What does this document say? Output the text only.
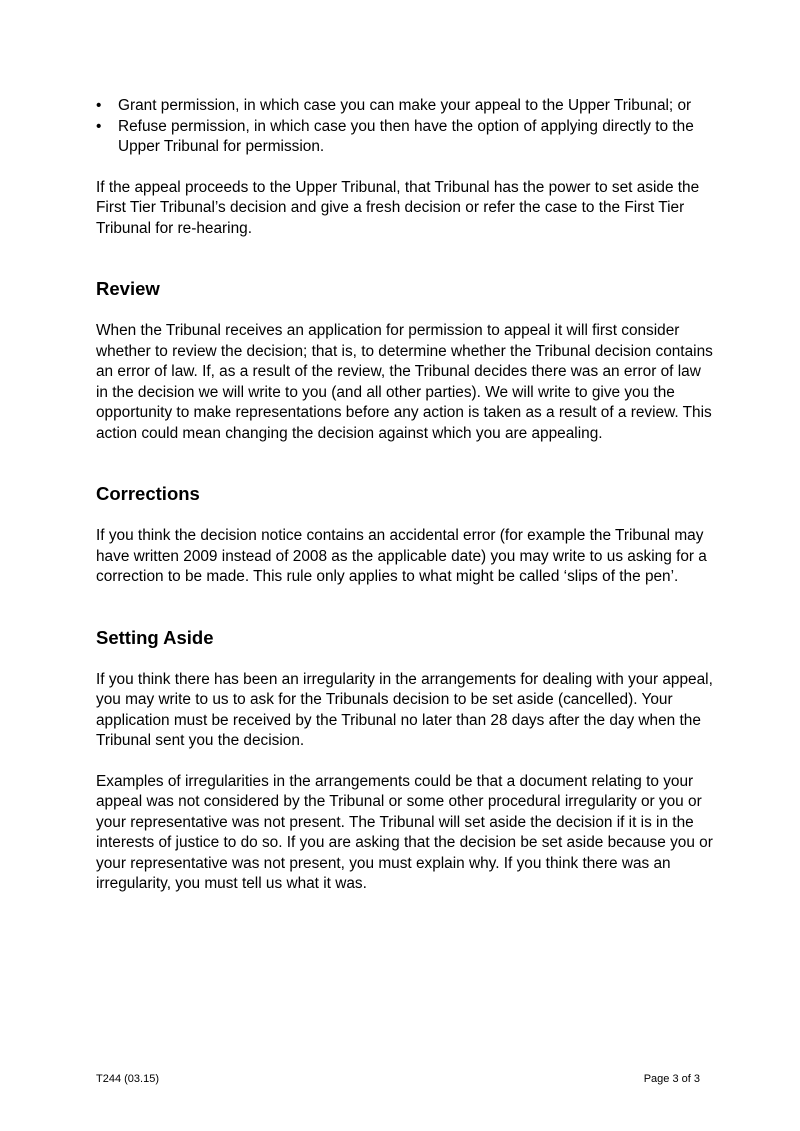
•	Grant permission, in which case you can make your appeal to the Upper Tribunal; or
•	Refuse permission, in which case you then have the option of applying directly to the Upper Tribunal for permission.

If the appeal proceeds to the Upper Tribunal, that Tribunal has the power to set aside the First Tier Tribunal’s decision and give a fresh decision or refer the case to the First Tier Tribunal for re-hearing.

Review

When the Tribunal receives an application for permission to appeal it will first consider whether to review the decision; that is, to determine whether the Tribunal decision contains an error of law. If, as a result of the review, the Tribunal decides there was an error of law in the decision we will write to you (and all other parties). We will write to give you the opportunity to make representations before any action is taken as a result of a review. This action could mean changing the decision against which you are appealing.

Corrections

If you think the decision notice contains an accidental error (for example the Tribunal may have written 2009 instead of 2008 as the applicable date) you may write to us asking for a correction to be made. This rule only applies to what might be called ‘slips of the pen’.

Setting Aside

If you think there has been an irregularity in the arrangements for dealing with your appeal, you may write to us to ask for the Tribunals decision to be set aside (cancelled). Your application must be received by the Tribunal no later than 28 days after the day when the Tribunal sent you the decision.

Examples of irregularities in the arrangements could be that a document relating to your appeal was not considered by the Tribunal or some other procedural irregularity or you or your representative was not present. The Tribunal will set aside the decision if it is in the interests of justice to do so. If you are asking that the decision be set aside because you or your representative was not present, you must explain why. If you think there was an irregularity, you must tell us what it was.

T244 (03.15)	Page 3 of 3
